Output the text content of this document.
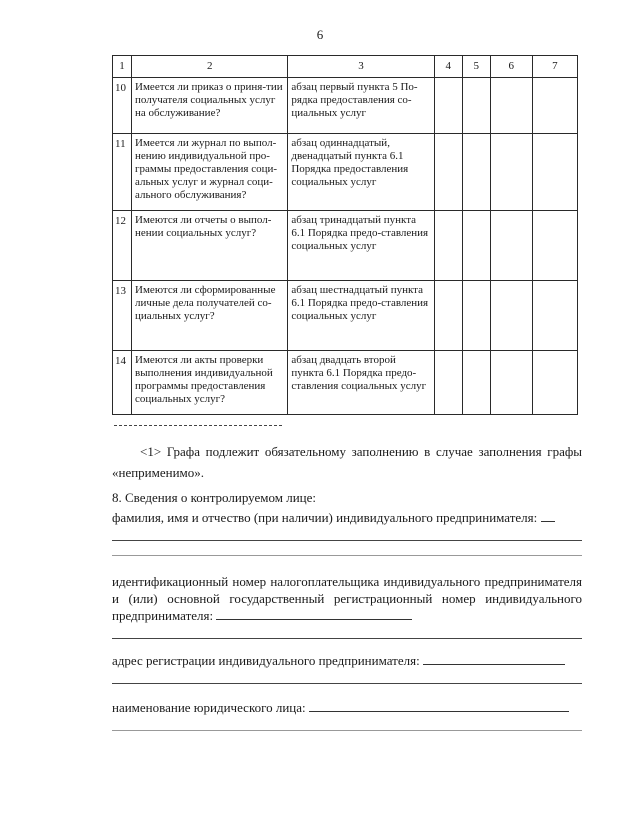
6
1	2	3	4	5	6	7
10	Имеется ли приказ о приня-тии получателя социальных услуг на обслуживание?	абзац первый пункта 5 По-рядка предоставления со-циальных услуг				
11	Имеется ли журнал по выпол-нению индивидуальной про-граммы предоставления соци-альных услуг и журнал соци-ального обслуживания?	абзац одиннадцатый, двенадцатый пункта 6.1 Порядка предоставления социальных услуг				
12	Имеются ли отчеты о выпол-нении социальных услуг?	абзац тринадцатый пункта 6.1 Порядка предо-ставления социальных услуг				
13	Имеются ли сформированные личные дела получателей со-циальных услуг?	абзац шестнадцатый пункта 6.1 Порядка предо-ставления социальных услуг				
14	Имеются ли акты проверки выполнения индивидуальной программы предоставления социальных услуг?	абзац двадцать второй пункта 6.1 Порядка предо-ставления социальных услуг				
<1> Графа подлежит обязательному заполнению в случае заполнения графы «неприменимо».
8. Сведения о контролируемом лице:
фамилия, имя и отчество (при наличии) индивидуального предпринимателя:
идентификационный номер налогоплательщика индивидуального предпринимателя и (или) основной государственный регистрационный номер индивидуального предпринимателя:
адрес регистрации индивидуального предпринимателя:
наименование юридического лица:
